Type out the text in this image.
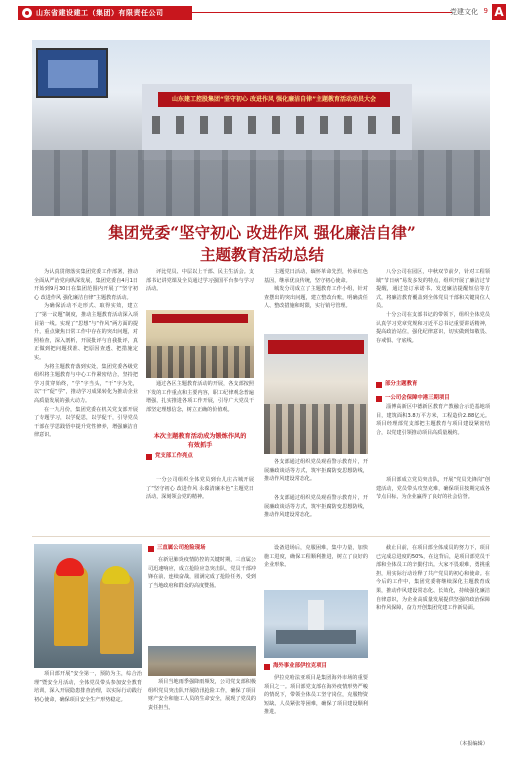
山东省建设建工（集团）有限责任公司	党建文化 9 A
山东建工控股集团“坚守初心 改进作风 强化廉洁自律”主题教育活动动员大会
集团党委“坚守初心 改进作风 强化廉洁自律”
主题教育活动总结

为认真贯彻落实集团党委工作部署，推动全面从严治党向纵深发展，集团党委自4月1日开始到9月30日在集团范围内开展了“坚守初心 改进作风 强化廉洁自律”主题教育活动。

为确保活动不走形式、取得实效，建立了“第一议题”制度，推动主题教育活动深入项目第一线。实现了“思想”与“作风”两方面的提升，重点聚焦日常工作中存在的突出问题，对照检查，深入剖析，开展批评与自我批评，真正做到把问题找准、把原因查透、把措施定实。

为将主题教育落到实处，集团党委各级党组织将主题教育与中心工作紧密结合，坚持把学习贯穿始终，“学”字当头，“干”字为先，以“干”促“学”，推动学习成果转化为推动企业高质量发展的强大动力。

在一九月份，集团党委在机关党支部开展了专题学习，以学促思，以学促干，引导党员干部在学思践悟中提升党性修养，增强廉洁自律意识。

评比党员、中层以上干部、民主生活会。支部书记讲党课及全员通过学习强国平台参与学习活动。

通过各区主题教育活动的开展，各支部按照下发的工作重点和主要内容，职工纪律观念普遍增强，扎实推进各项工作开展，引导广大党员干部坚定理想信念，树立正确的价值观。

本次主题教育活动成为锻炼作风的有效抓手
党支部工作亮点

一分公司组织全体党员到台儿庄古城开展了“坚守初心 改进作风 永葆清廉本色”主题党日活动，深刻领会党的精神。

主题党日活动，缅怀革命先烈，传承红色基因，继承优良传统，坚守初心使命。

城发分司成立了主题教育工作小组，针对查摆出的突出问题，建立整改台账，明确责任人、整改措施和时限，实行销号管理。

各支部通过组织党员观看警示教育片，开展廉政谈话等方式，筑牢拒腐防变思想防线，推动作风建设常态化。

八分公司在园区，中秋双节前夕，针对工程领域“节日病”易发多发的特点，组织开展了廉洁过节提醒，通过签订承诺书、发送廉洁提醒短信等方式，将廉洁教育覆盖到全体党员干部和关键岗位人员。

十分公司在支部书记的带领下，组织全体党员认真学习党章党规和习近平总书记重要讲话精神，提高政治站位，强化纪律意识，切实做到知敬畏、存戒惧、守底线。

部分主题教育
一公司会保障中港三期项目

淄博高新区中德新区教育产教融合示范基地项目，建筑面积3.8万平方米，工程造价2.88亿元。项目经理部党支部把主题教育与项目建设紧密结合，以党建引领推动项目高质量履约。

项目部成立党员突击队，开展“党员先锋岗”创建活动，党员带头攻坚克难，确保项目按期完成各节点目标，为企业赢得了良好的社会信誉。

各支部通过组织党员观看警示教育片，开展廉政谈话等方式，筑牢拒腐防变思想防线，推动作风建设常态化。

项目部开展“安全第一，预防为主，综合治理”暨安全月活动，全体党员带头参加安全教育培训，深入开展隐患排查治理，以实际行动践行初心使命，确保项目安全生产形势稳定。

三直属公司抢险现场

在新冠肺炎疫情防控的关键时期，三直属公司迅速响应，成立抢险应急突击队，党员干部冲锋在前，连续奋战，圆满完成了抢险任务，受到了当地政府和群众的高度赞扬。

项目当地雨季强降雨频发，公司党支部积极组织党员突击队开展防汛抢险工作，确保了项目财产安全和施工人员的生命安全，展现了党员的责任担当。

设备进场后，克服困难，集中力量，加快施工进度，确保工程顺利推进，树立了良好的企业形象。

海外事业部伊拉克项目

伊拉克哈法亚项目是集团海外市场的重要项目之一。项目部党支部在海外疫情形势严峻的情况下，带领全体员工坚守岗位，克服物资短缺、人员紧张等困难，确保了项目建设顺利推进。

截止目前，在项目部全体成员的努力下，项目已完成总进度的50%，在这背后，是项目部党员干部和全体员工的辛勤付出。大家不畏艰难，勇挑重担，用实际行动诠释了共产党员的初心和使命。在今后的工作中，集团党委将继续深化主题教育成果，推动作风建设常态化、长效化，持续强化廉洁自律意识，为企业高质量发展提供坚强的政治保障和作风保障，奋力开创集团党建工作新局面。

（本报编辑）
